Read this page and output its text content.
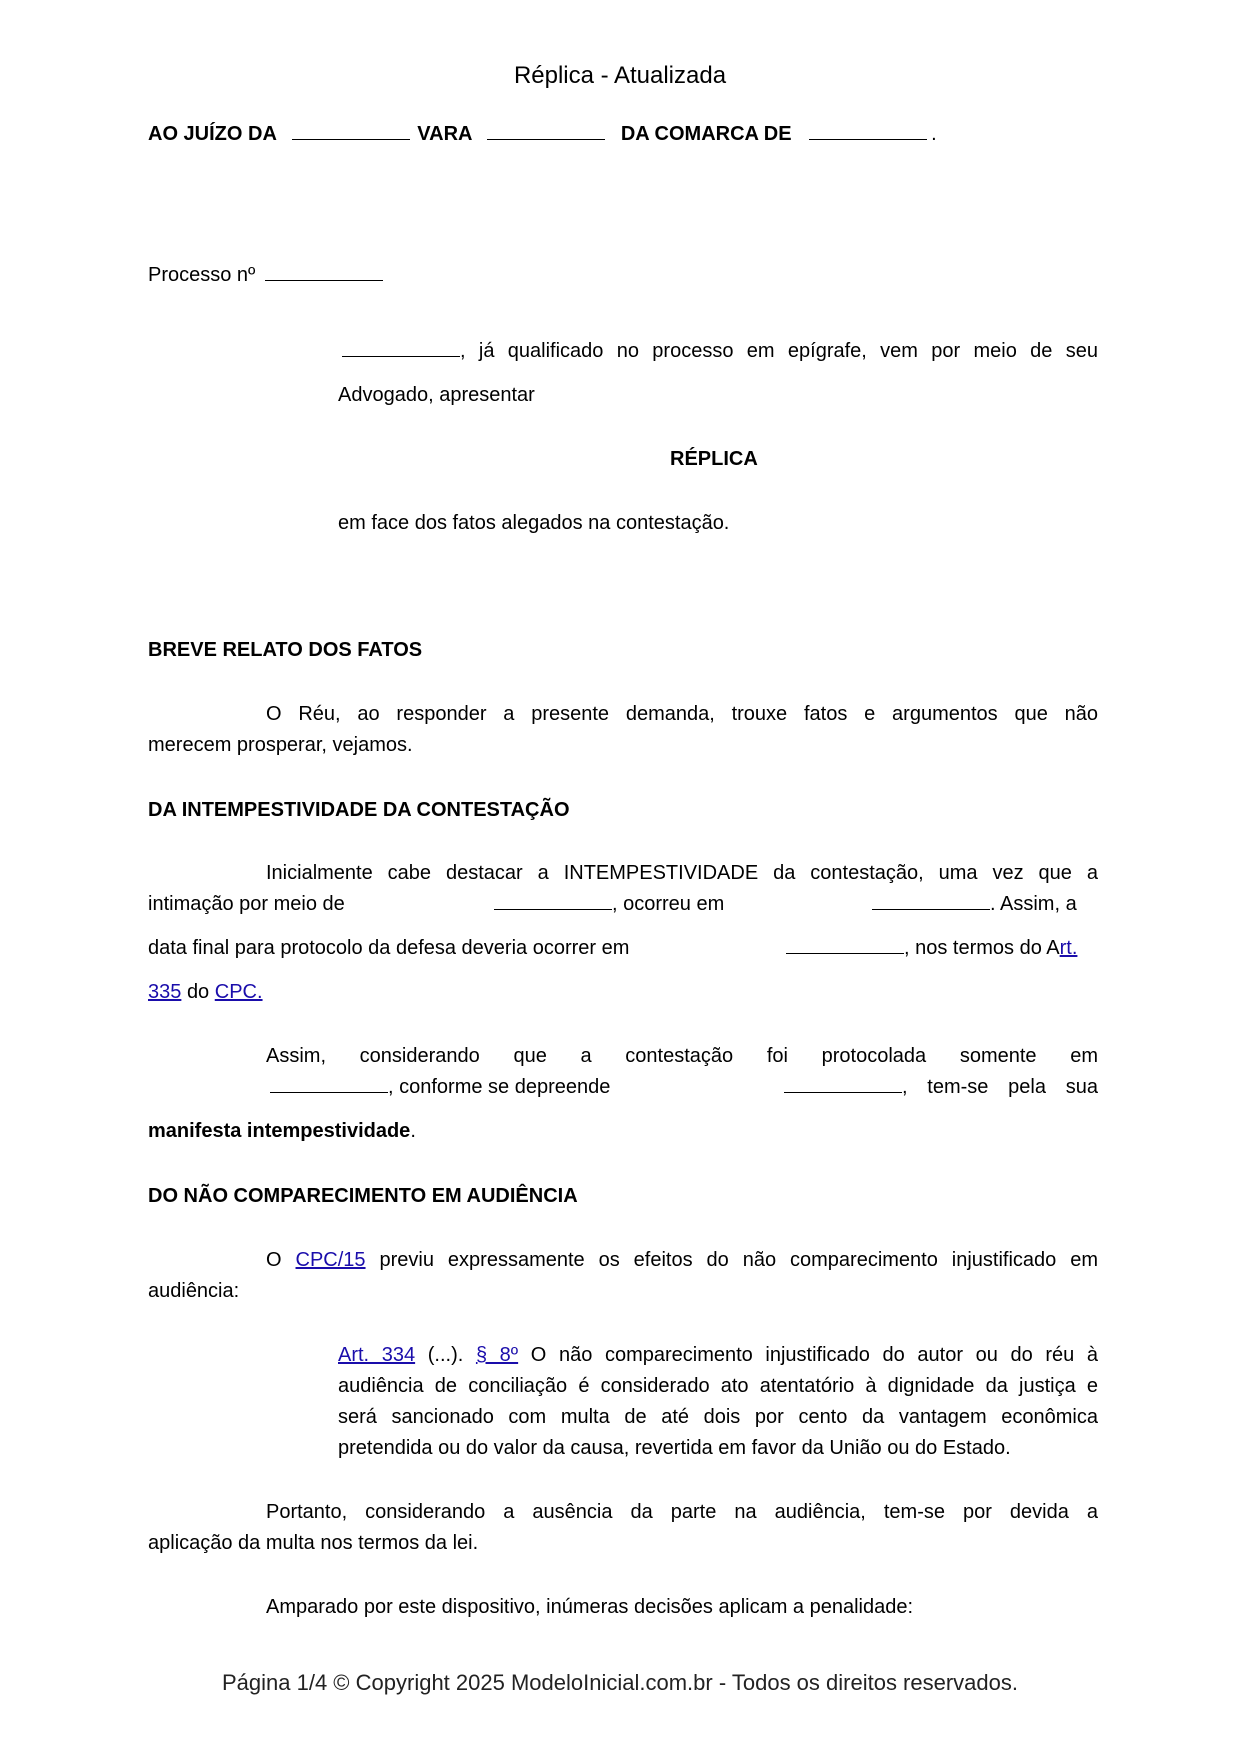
Réplica - Atualizada
AO JUÍZO DA	VARA	DA COMARCA DE	.
Processo nº
, já qualificado no processo em epígrafe, vem por meio de seu
Advogado, apresentar
RÉPLICA
em face dos fatos alegados na contestação.
BREVE RELATO DOS FATOS
O Réu, ao responder a presente demanda, trouxe fatos e argumentos que não
merecem prosperar, vejamos.
DA INTEMPESTIVIDADE DA CONTESTAÇÃO
Inicialmente cabe destacar a INTEMPESTIVIDADE da contestação, uma vez que a
intimação por meio de	, ocorreu em	. Assim, a
data final para protocolo da defesa deveria ocorrer em	, nos termos do Art.
335 do CPC.
Assim, considerando que a contestação foi protocolada somente em
, conforme se depreende	, tem-se pela sua
manifesta intempestividade.
DO NÃO COMPARECIMENTO EM AUDIÊNCIA
O CPC/15 previu expressamente os efeitos do não comparecimento injustificado em
audiência:
Art. 334 (...). § 8º O não comparecimento injustificado do autor ou do réu à
audiência de conciliação é considerado ato atentatório à dignidade da justiça e
será sancionado com multa de até dois por cento da vantagem econômica
pretendida ou do valor da causa, revertida em favor da União ou do Estado.
Portanto, considerando a ausência da parte na audiência, tem-se por devida a
aplicação da multa nos termos da lei.
Amparado por este dispositivo, inúmeras decisões aplicam a penalidade:
Página 1/4 © Copyright 2025 ModeloInicial.com.br - Todos os direitos reservados.
